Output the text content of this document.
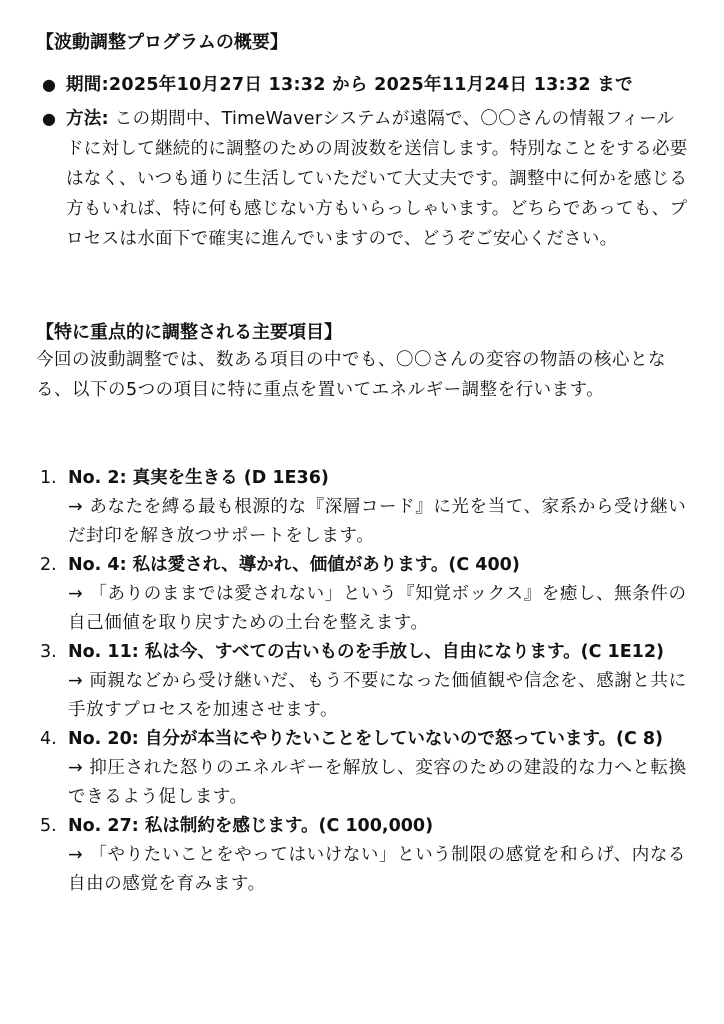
【波動調整プログラムの概要】
● 期間:2025年10月27日 13:32 から 2025年11月24日 13:32 まで
● 方法: この期間中、TimeWaverシステムが遠隔で、〇〇さんの情報フィールドに対して継続的に調整のための周波数を送信します。特別なことをする必要はなく、いつも通りに生活していただいて大丈夫です。調整中に何かを感じる方もいれば、特に何も感じない方もいらっしゃいます。どちらであっても、プロセスは水面下で確実に進んでいますので、どうぞご安心ください。
【特に重点的に調整される主要項目】
今回の波動調整では、数ある項目の中でも、〇〇さんの変容の物語の核心となる、以下の5つの項目に特に重点を置いてエネルギー調整を行います。
1. No. 2: 真実を生きる (D 1E36)
→ あなたを縛る最も根源的な『深層コード』に光を当て、家系から受け継いだ封印を解き放つサポートをします。
2. No. 4: 私は愛され、導かれ、価値があります。(C 400)
→ 「ありのままでは愛されない」という『知覚ボックス』を癒し、無条件の自己価値を取り戻すための土台を整えます。
3. No. 11: 私は今、すべての古いものを手放し、自由になります。(C 1E12)
→ 両親などから受け継いだ、もう不要になった価値観や信念を、感謝と共に手放すプロセスを加速させます。
4. No. 20: 自分が本当にやりたいことをしていないので怒っています。(C 8)
→ 抑圧された怒りのエネルギーを解放し、変容のための建設的な力へと転換できるよう促します。
5. No. 27: 私は制約を感じます。(C 100,000)
→ 「やりたいことをやってはいけない」という制限の感覚を和らげ、内なる自由の感覚を育みます。
